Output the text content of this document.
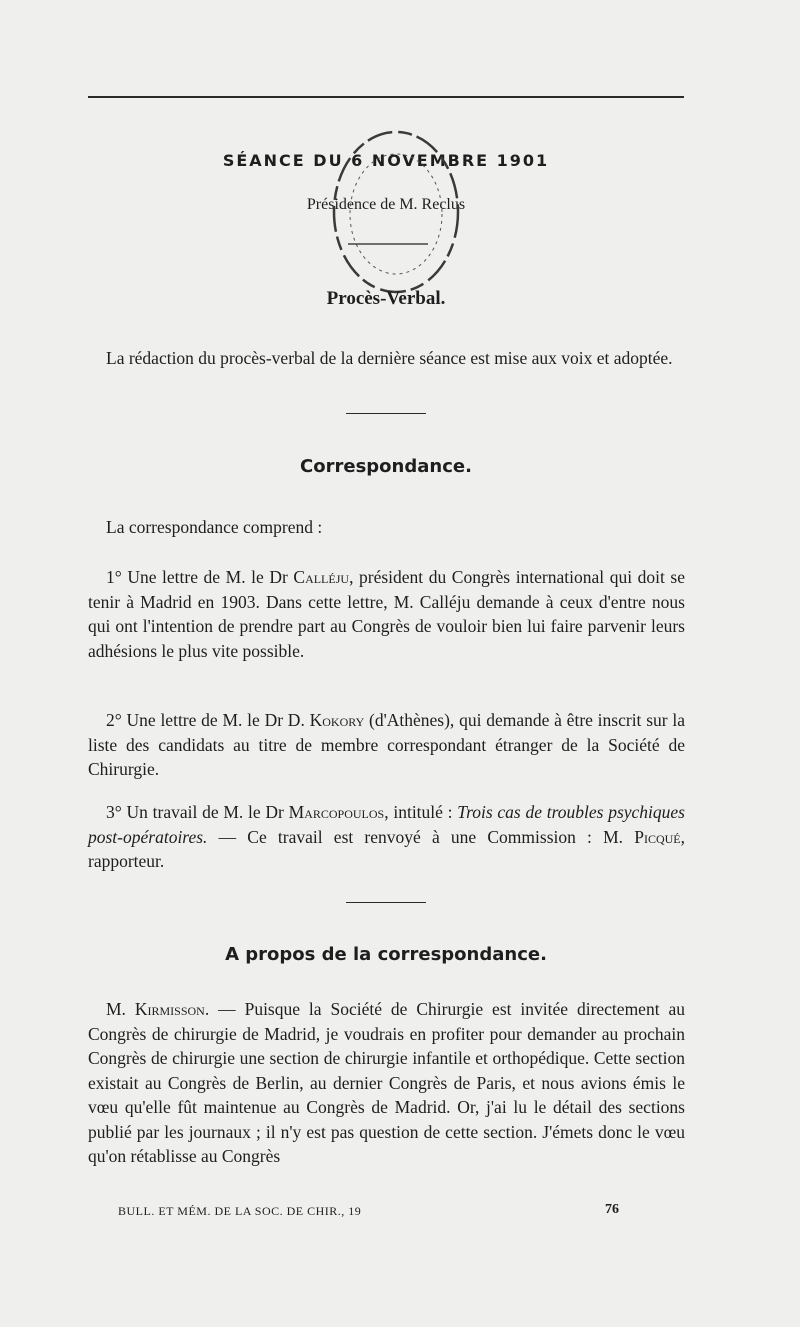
SÉANCE DU 6 NOVEMBRE 1901
Présidence de M. Reclus
Procès-Verbal.

La rédaction du procès-verbal de la dernière séance est mise aux voix et adoptée.

Correspondance.

La correspondance comprend :

1° Une lettre de M. le Dr Calléju, président du Congrès international qui doit se tenir à Madrid en 1903. Dans cette lettre, M. Calléju demande à ceux d'entre nous qui ont l'intention de prendre part au Congrès de vouloir bien lui faire parvenir leurs adhésions le plus vite possible.

2° Une lettre de M. le Dr D. Kokory (d'Athènes), qui demande à être inscrit sur la liste des candidats au titre de membre correspondant étranger de la Société de Chirurgie.

3° Un travail de M. le Dr Marcopoulos, intitulé : Trois cas de troubles psychiques post-opératoires. — Ce travail est renvoyé à une Commission : M. Picqué, rapporteur.

A propos de la correspondance.

M. Kirmisson. — Puisque la Société de Chirurgie est invitée directement au Congrès de chirurgie de Madrid, je voudrais en profiter pour demander au prochain Congrès de chirurgie une section de chirurgie infantile et orthopédique. Cette section existait au Congrès de Berlin, au dernier Congrès de Paris, et nous avions émis le vœu qu'elle fût maintenue au Congrès de Madrid. Or, j'ai lu le détail des sections publié par les journaux ; il n'y est pas question de cette section. J'émets donc le vœu qu'on rétablisse au Congrès

BULL. ET MÉM. DE LA SOC. DE CHIR., 19	76
